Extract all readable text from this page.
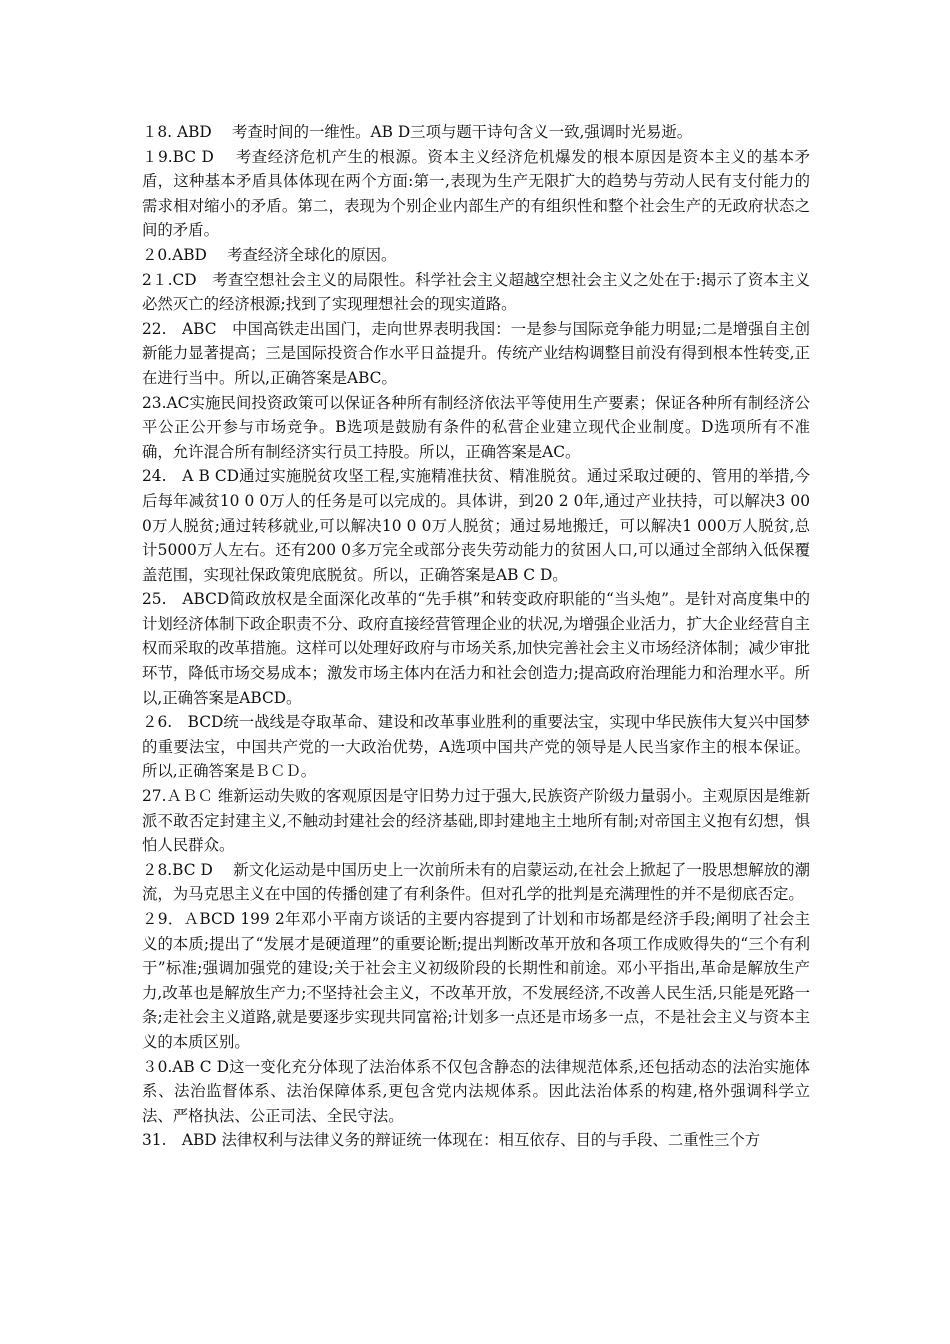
１8. ABD　 考查时间的一维性。AB D三项与题干诗句含义一致,强调时光易逝。

１9.BC D　 考查经济危机产生的根源。资本主义经济危机爆发的根本原因是资本主义的基本矛盾，这种基本矛盾具体体现在两个方面:第一,表现为生产无限扩大的趋势与劳动人民有支付能力的需求相对缩小的矛盾。第二，表现为个别企业内部生产的有组织性和整个社会生产的无政府状态之间的矛盾。

２0.ABD　 考查经济全球化的原因。

2１.CD　考查空想社会主义的局限性。科学社会主义超越空想社会主义之处在于:揭示了资本主义必然灭亡的经济根源;找到了实现理想社会的现实道路。

22.　ABC　中国高铁走出国门，走向世界表明我国：一是参与国际竞争能力明显;二是增强自主创新能力显著提高；三是国际投资合作水平日益提升。传统产业结构调整目前没有得到根本性转变,正在进行当中。所以,正确答案是ABC。

23.AC实施民间投资政策可以保证各种所有制经济依法平等使用生产要素；保证各种所有制经济公平公正公开参与市场竞争。B选项是鼓励有条件的私营企业建立现代企业制度。D选项所有不准确，允许混合所有制经济实行员工持股。所以，正确答案是AC。

24.　A B CD通过实施脱贫攻坚工程,实施精准扶贫、精准脱贫。通过采取过硬的、管用的举措,今后每年减贫10 0 0万人的任务是可以完成的。具体讲，到20 2 0年,通过产业扶持，可以解决3 000万人脱贫;通过转移就业,可以解决10 0 0万人脱贫；通过易地搬迁，可以解决1 000万人脱贫,总计5000万人左右。还有200 0多万完全或部分丧失劳动能力的贫困人口,可以通过全部纳入低保覆盖范围，实现社保政策兜底脱贫。所以，正确答案是AB C D。

25.　ABCD简政放权是全面深化改革的“先手棋”和转变政府职能的“当头炮”。是针对高度集中的计划经济体制下政企职责不分、政府直接经营管理企业的状况,为增强企业活力，扩大企业经营自主权而采取的改革措施。这样可以处理好政府与市场关系,加快完善社会主义市场经济体制；减少审批环节，降低市场交易成本；激发市场主体内在活力和社会创造力;提高政府治理能力和治理水平。所以,正确答案是ABCD。

２6.　BCD统一战线是夺取革命、建设和改革事业胜利的重要法宝，实现中华民族伟大复兴中国梦的重要法宝，中国共产党的一大政治优势，A选项中国共产党的领导是人民当家作主的根本保证。所以,正确答案是ＢＣＤ。

27.ＡＢＣ 维新运动失败的客观原因是守旧势力过于强大,民族资产阶级力量弱小。主观原因是维新派不敢否定封建主义,不触动封建社会的经济基础,即封建地主土地所有制;对帝国主义抱有幻想，惧怕人民群众。

２8.BC D　 新文化运动是中国历史上一次前所未有的启蒙运动,在社会上掀起了一股思想解放的潮流，为马克思主义在中国的传播创建了有利条件。但对孔学的批判是充满理性的并不是彻底否定。

２9．ＡBCD 199 2年邓小平南方谈话的主要内容提到了计划和市场都是经济手段;阐明了社会主义的本质;提出了“发展才是硬道理”的重要论断;提出判断改革开放和各项工作成败得失的“三个有利于”标准;强调加强党的建设;关于社会主义初级阶段的长期性和前途。邓小平指出,革命是解放生产力,改革也是解放生产力;不坚持社会主义，不改革开放，不发展经济,不改善人民生活,只能是死路一条;走社会主义道路,就是要逐步实现共同富裕;计划多一点还是市场多一点，不是社会主义与资本主义的本质区别。

３0.AB C D这一变化充分体现了法治体系不仅包含静态的法律规范体系,还包括动态的法治实施体系、法治监督体系、法治保障体系,更包含党内法规体系。因此法治体系的构建,格外强调科学立法、严格执法、公正司法、全民守法。

31.　ABD 法律权利与法律义务的辩证统一体现在：相互依存、目的与手段、二重性三个方
